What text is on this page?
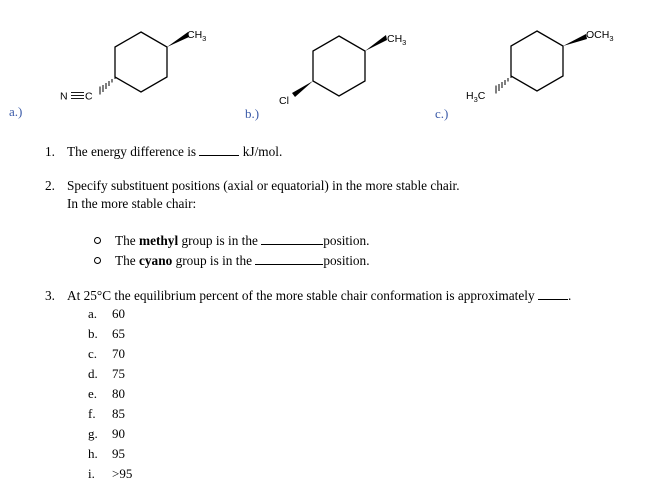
$CH_3$
N C
$CH_3$
Cl
$OCH_3$
$H_3C$
a.)	b.)	c.)
1. The energy difference is	kJ/mol.
2. Specify substituent positions (axial or equatorial) in the more stable chair.
In the more stable chair:
The methyl group is in the	position.
The cyano group is in the	position.
3. At 25°C the equilibrium percent of the more stable chair conformation is approximately	.
a. 60
b. 65
c. 70
d. 75
e. 80
f. 85
g. 90
h. 95
i. >95
